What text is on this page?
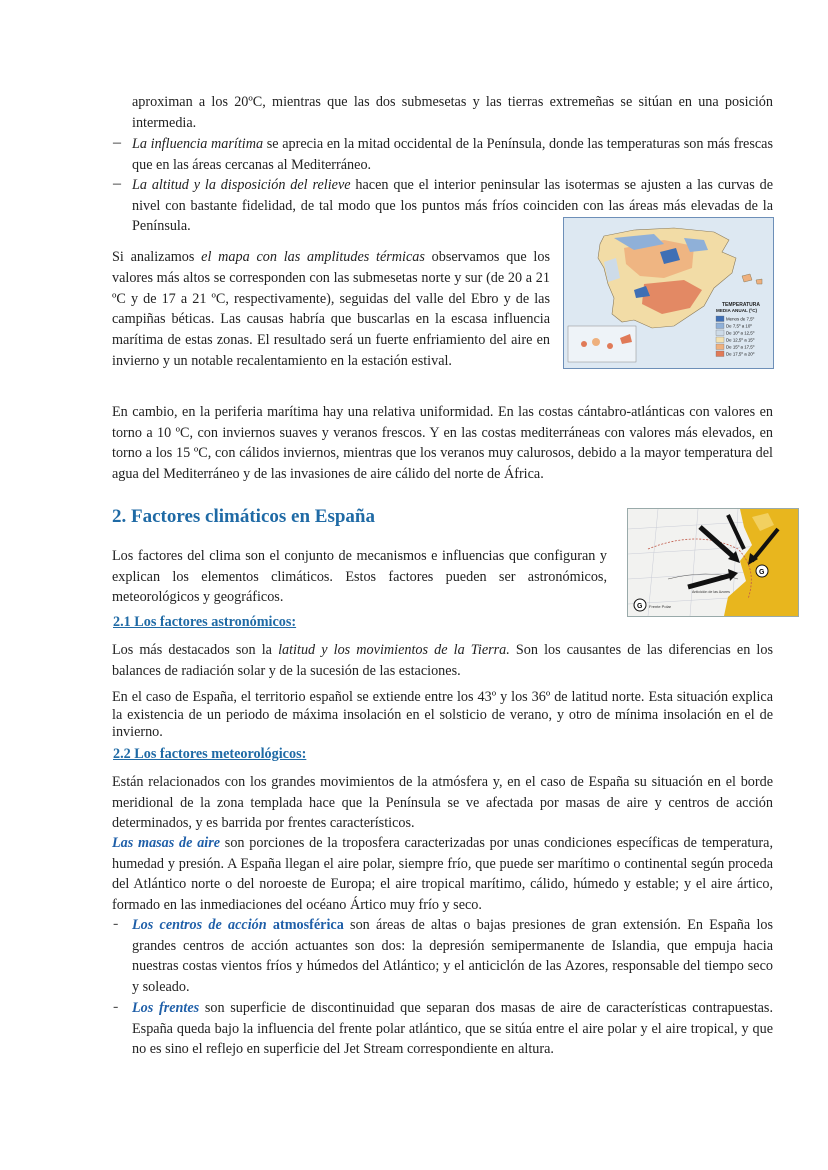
aproximan a los 20ºC, mientras que las dos submesetas y las tierras extremeñas se sitúan en una posición intermedia.
– La influencia marítima se aprecia en la mitad occidental de la Península, donde las temperaturas son más frescas que en las áreas cercanas al Mediterráneo.
– La altitud y la disposición del relieve hacen que el interior peninsular las isotermas se ajusten a las curvas de nivel con bastante fidelidad, de tal modo que los puntos más fríos coinciden con las áreas más elevadas de la Península.
Si analizamos el mapa con las amplitudes térmicas observamos que los valores más altos se corresponden con las submesetas norte y sur (de 20 a 21 ºC y de 17 a 21 ºC, respectivamente), seguidas del valle del Ebro y de las campiñas béticas. Las causas habría que buscarlas en la escasa influencia marítima de estas zonas. El resultado será un fuerte enfriamiento del aire en invierno y un notable recalentamiento en la estación estival.
TEMPERATURA
MEDIA ANUAL (ºC)
Menos de 7,5º
De 7,5º a 10º
De 10º a 12,5º
De 12,5º a 15º
De 15º a 17,5º
De 17,5º a 20º
En cambio, en la periferia marítima hay una relativa uniformidad. En las costas cántabro-atlánticas con valores en torno a 10 ºC, con inviernos suaves y veranos frescos. Y en las costas mediterráneas con valores más elevados, en torno a los 15 ºC, con cálidos inviernos, mientras que los veranos muy calurosos, debido a la mayor temperatura del agua del Mediterráneo y de las invasiones de aire cálido del norte de África.
2. Factores climáticos en España
Los factores del clima son el conjunto de mecanismos e influencias que configuran y explican los elementos climáticos. Estos factores pueden ser astronómicos, meteorológicos y geográficos.
G
G Frente Polar
Anticiclón de las Azores
2.1 Los factores astronómicos:
Los más destacados son la latitud y los movimientos de la Tierra. Son los causantes de las diferencias en los balances de radiación solar y de la sucesión de las estaciones.
En el caso de España, el territorio español se extiende entre los 43º y los 36º de latitud norte. Esta situación explica la existencia de un periodo de máxima insolación en el solsticio de verano, y otro de mínima insolación en el de invierno.
2.2 Los factores meteorológicos:
Están relacionados con los grandes movimientos de la atmósfera y, en el caso de España su situación en el borde meridional de la zona templada hace que la Península se ve afectada por masas de aire y centros de acción determinados, y es barrida por frentes característicos.
Las masas de aire son porciones de la troposfera caracterizadas por unas condiciones específicas de temperatura, humedad y presión. A España llegan el aire polar, siempre frío, que puede ser marítimo o continental según proceda del Atlántico norte o del noroeste de Europa; el aire tropical marítimo, cálido, húmedo y estable; y el aire ártico, formado en las inmediaciones del océano Ártico muy frío y seco.
- Los centros de acción atmosférica son áreas de altas o bajas presiones de gran extensión. En España los grandes centros de acción actuantes son dos: la depresión semipermanente de Islandia, que empuja hacia nuestras costas vientos fríos y húmedos del Atlántico; y el anticiclón de las Azores, responsable del tiempo seco y soleado.
- Los frentes son superficie de discontinuidad que separan dos masas de aire de características contrapuestas. España queda bajo la influencia del frente polar atlántico, que se sitúa entre el aire polar y el aire tropical, y que no es sino el reflejo en superficie del Jet Stream correspondiente en altura.
